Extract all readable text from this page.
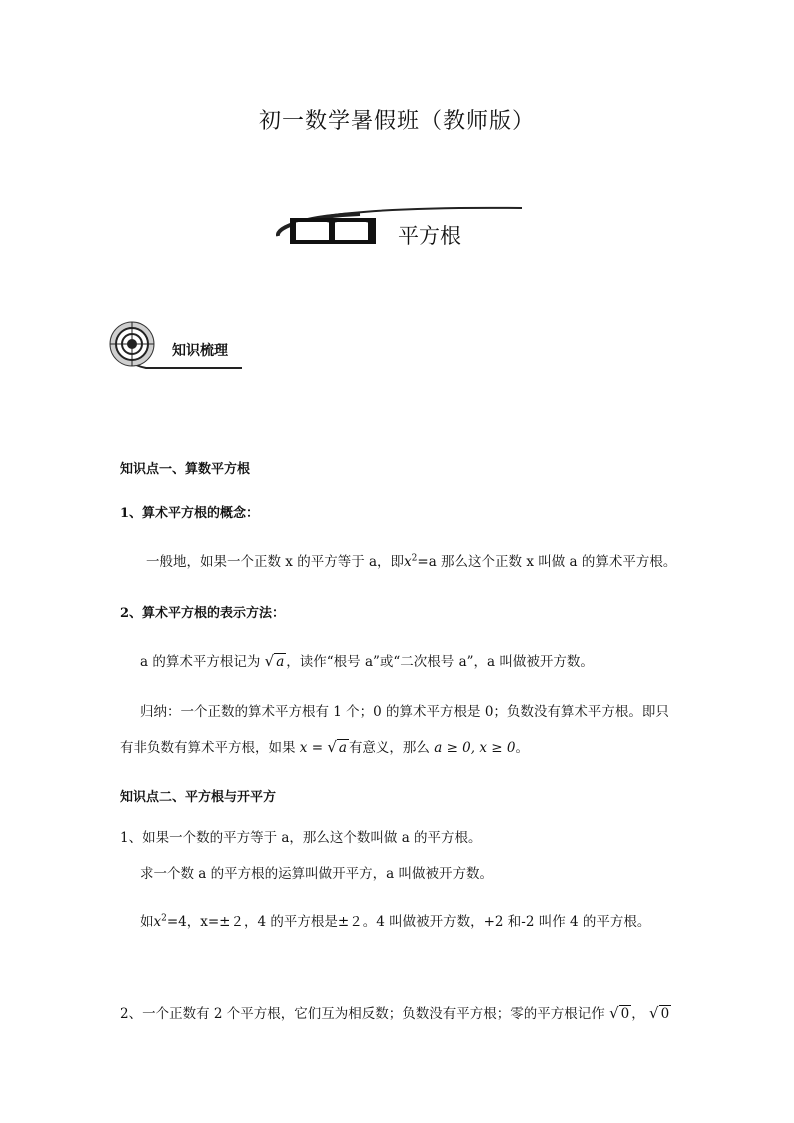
初一数学暑假班（教师版）
平方根
知识梳理
知识点一、算数平方根
1、算术平方根的概念：
一般地，如果一个正数 x 的平方等于 a，即$x^2=a$ 那么这个正数 x 叫做 a 的算术平方根。
2、算术平方根的表示方法：
a 的算术平方根记为 √ a ，读作“根号 a”或“二次根号 a”，a 叫做被开方数。
归纳：一个正数的算术平方根有 1 个；0 的算术平方根是 0；负数没有算术平方根。即只
有非负数有算术平方根，如果 x = √ a 有意义，那么 a ≥ 0, x ≥ 0。
知识点二、平方根与开平方
1、如果一个数的平方等于 a，那么这个数叫做 a 的平方根。
求一个数 a 的平方根的运算叫做开平方，a 叫做被开方数。
如$x^2=4$，x=±２，4 的平方根是±２。4 叫做被开方数，+2 和-2 叫作 4 的平方根。
2、一个正数有 2 个平方根，它们互为相反数；负数没有平方根；零的平方根记作 √ 0 ， √ 0
